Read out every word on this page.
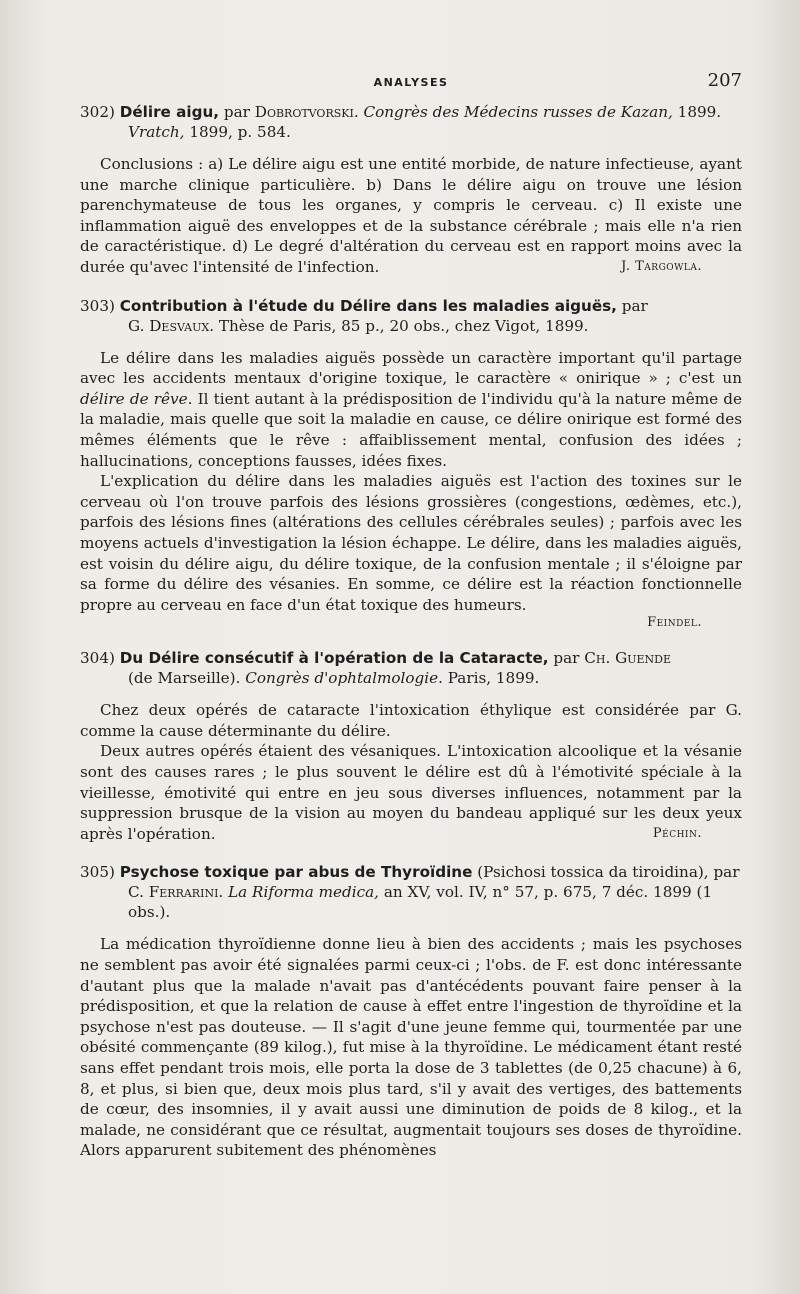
ANALYSES	207
302) Délire aigu, par Dobrotvorski. Congrès des Médecins russes de Kazan, 1899.
Vratch, 1899, p. 584.

Conclusions : a) Le délire aigu est une entité morbide, de nature infectieuse, ayant une marche clinique particulière. b) Dans le délire aigu on trouve une lésion parenchymateuse de tous les organes, y compris le cerveau. c) Il existe une inflammation aiguë des enveloppes et de la substance cérébrale ; mais elle n'a rien de caractéristique. d) Le degré d'altération du cerveau est en rapport moins avec la durée qu'avec l'intensité de l'infection.	J. Targowla.

303) Contribution à l'étude du Délire dans les maladies aiguës, par
G. Desvaux. Thèse de Paris, 85 p., 20 obs., chez Vigot, 1899.

Le délire dans les maladies aiguës possède un caractère important qu'il partage avec les accidents mentaux d'origine toxique, le caractère « onirique » ; c'est un délire de rêve. Il tient autant à la prédisposition de l'individu qu'à la nature même de la maladie, mais quelle que soit la maladie en cause, ce délire onirique est formé des mêmes éléments que le rêve : affaiblissement mental, confusion des idées ; hallucinations, conceptions fausses, idées fixes.

L'explication du délire dans les maladies aiguës est l'action des toxines sur le cerveau où l'on trouve parfois des lésions grossières (congestions, œdèmes, etc.), parfois des lésions fines (altérations des cellules cérébrales seules) ; parfois avec les moyens actuels d'investigation la lésion échappe. Le délire, dans les maladies aiguës, est voisin du délire aigu, du délire toxique, de la confusion mentale ; il s'éloigne par sa forme du délire des vésanies. En somme, ce délire est la réaction fonctionnelle propre au cerveau en face d'un état toxique des humeurs.

Feindel.
304) Du Délire consécutif à l'opération de la Cataracte, par Ch. Guende
(de Marseille). Congrès d'ophtalmologie. Paris, 1899.

Chez deux opérés de cataracte l'intoxication éthylique est considérée par G. comme la cause déterminante du délire.

Deux autres opérés étaient des vésaniques. L'intoxication alcoolique et la vésanie sont des causes rares ; le plus souvent le délire est dû à l'émotivité spéciale à la vieillesse, émotivité qui entre en jeu sous diverses influences, notamment par la suppression brusque de la vision au moyen du bandeau appliqué sur les deux yeux après l'opération.	Péchin.

305) Psychose toxique par abus de Thyroïdine (Psichosi tossica da tiroidina), par C. Ferrarini. La Riforma medica, an XV, vol. IV, n° 57, p. 675, 7 déc. 1899 (1 obs.).

La médication thyroïdienne donne lieu à bien des accidents ; mais les psychoses ne semblent pas avoir été signalées parmi ceux-ci ; l'obs. de F. est donc intéressante d'autant plus que la malade n'avait pas d'antécédents pouvant faire penser à la prédisposition, et que la relation de cause à effet entre l'ingestion de thyroïdine et la psychose n'est pas douteuse. — Il s'agit d'une jeune femme qui, tourmentée par une obésité commençante (89 kilog.), fut mise à la thyroïdine. Le médicament étant resté sans effet pendant trois mois, elle porta la dose de 3 tablettes (de 0,25 chacune) à 6, 8, et plus, si bien que, deux mois plus tard, s'il y avait des vertiges, des battements de cœur, des insomnies, il y avait aussi une diminution de poids de 8 kilog., et la malade, ne considérant que ce résultat, augmentait toujours ses doses de thyroïdine. Alors apparurent subitement des phénomènes
